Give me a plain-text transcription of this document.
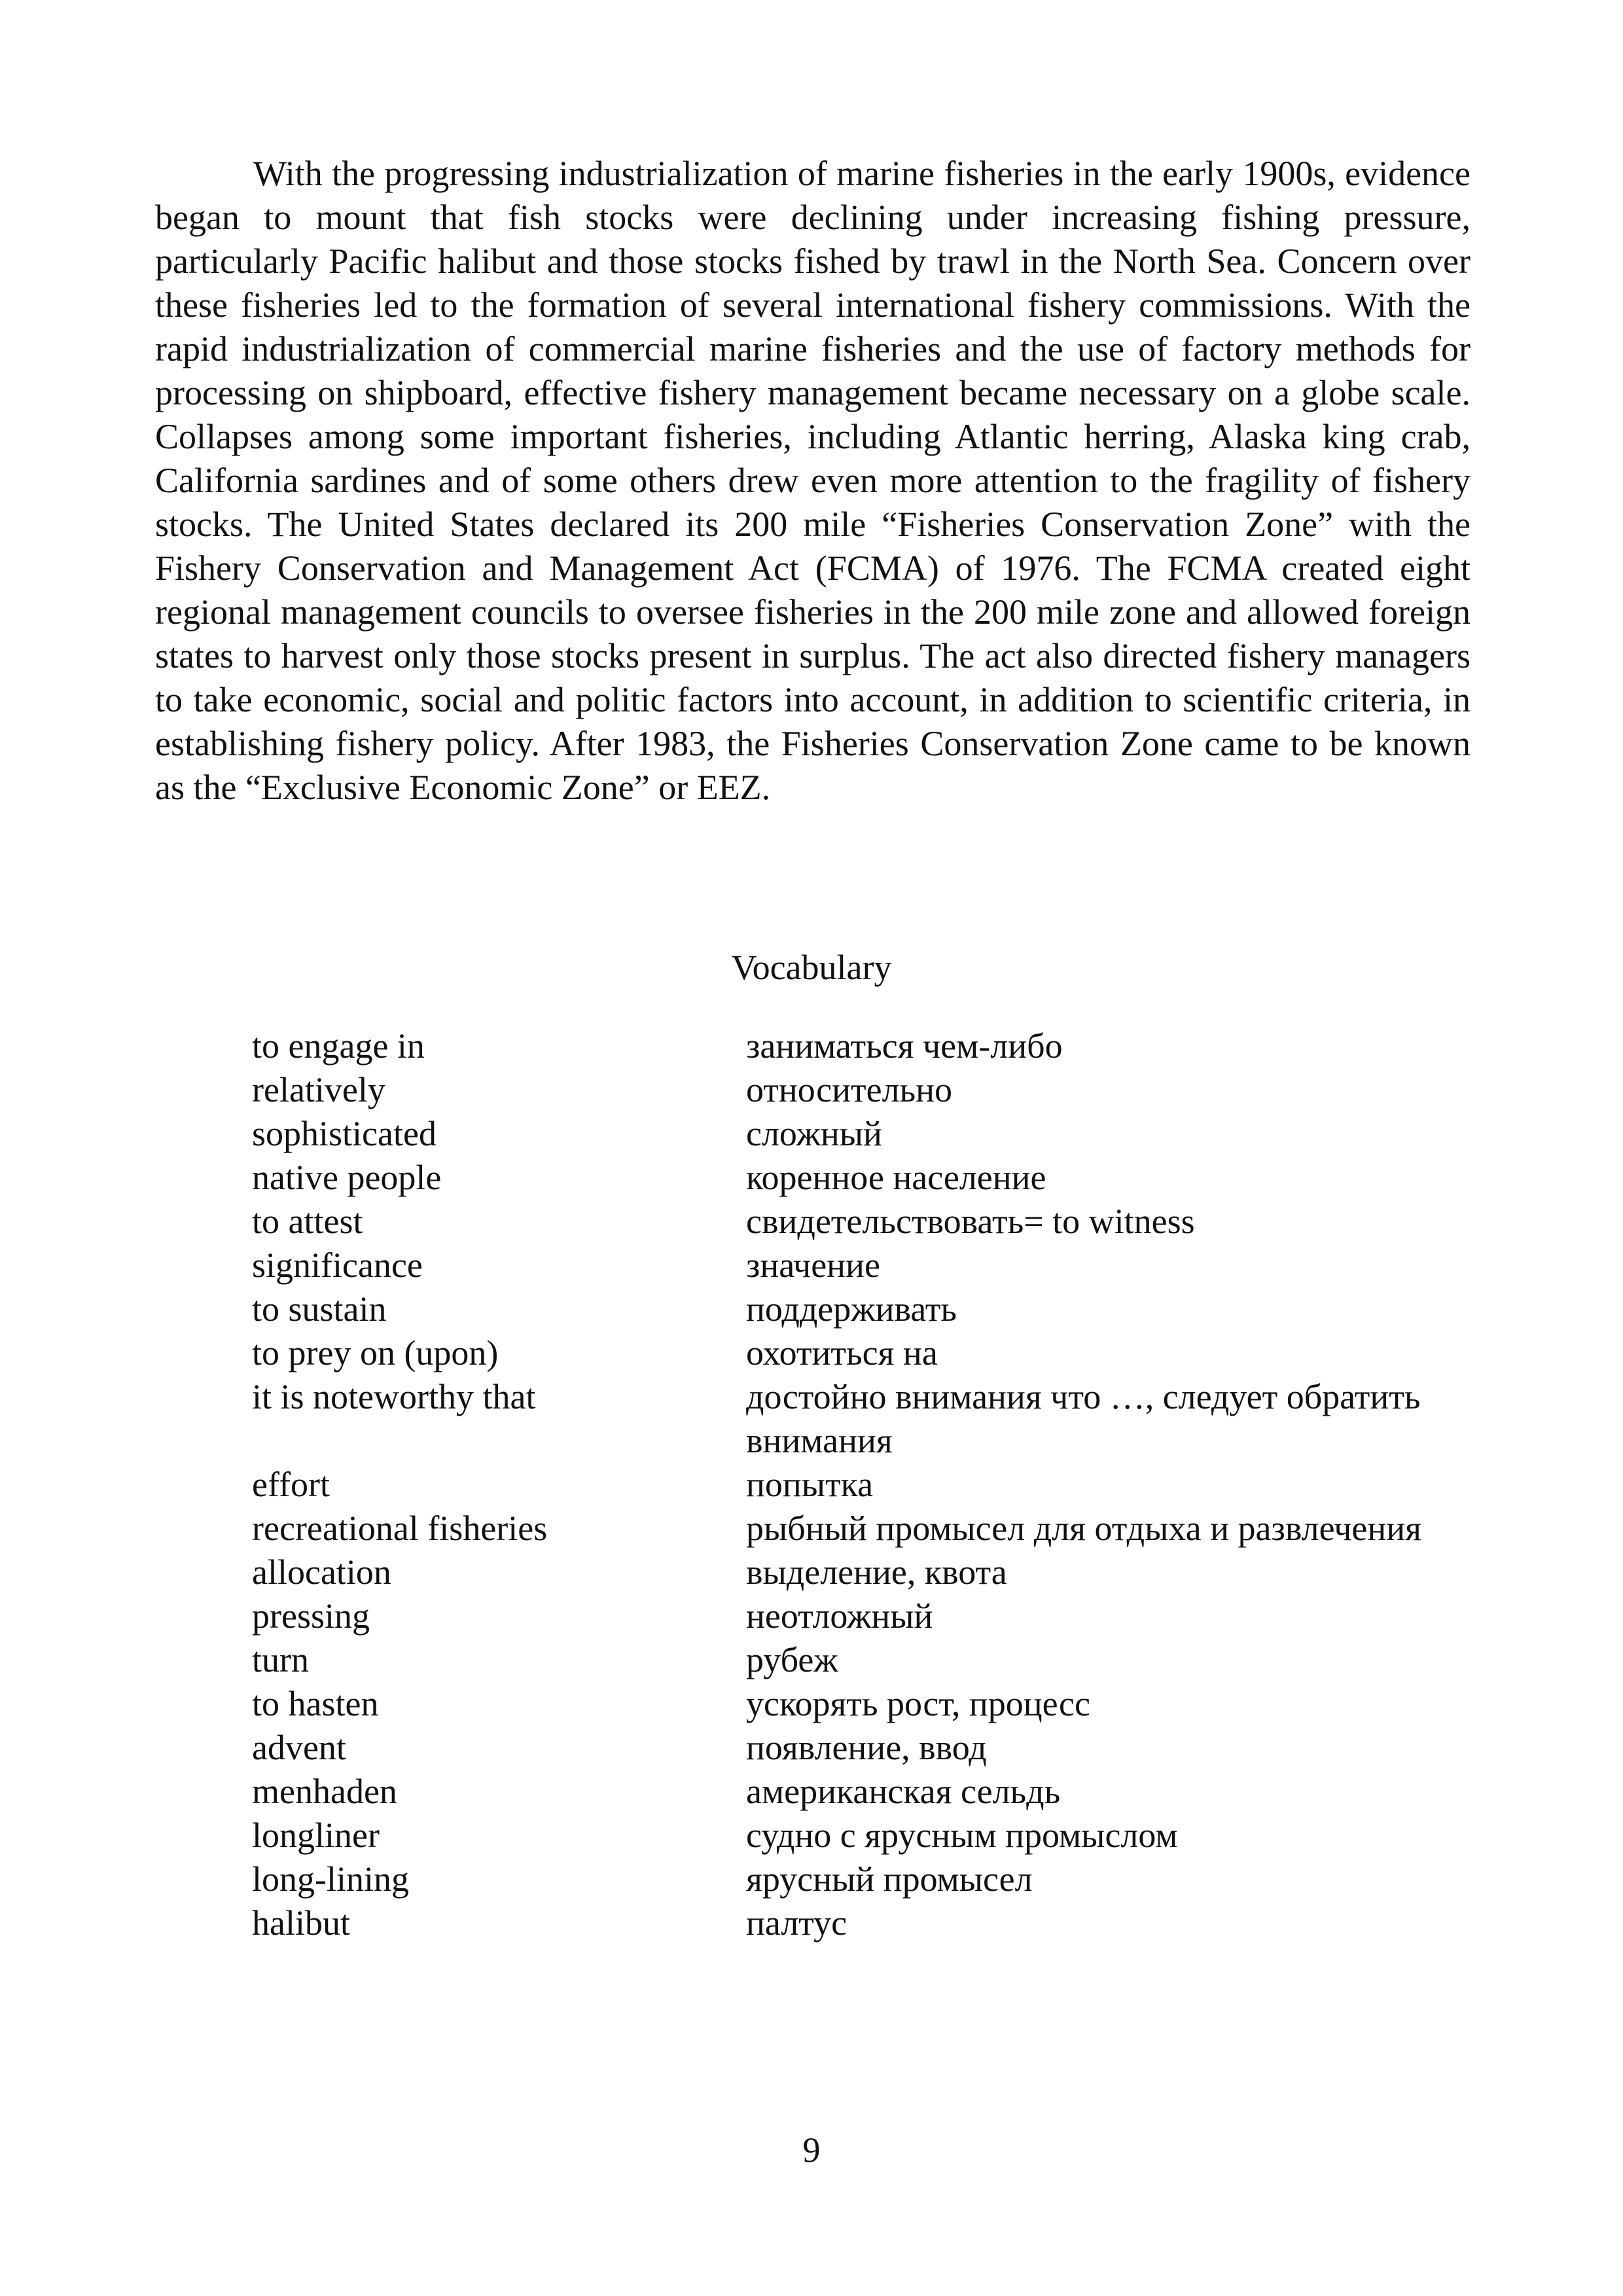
With the progressing industrialization of marine fisheries in the early 1900s, evidence began to mount that fish stocks were declining under increasing fishing pressure, particularly Pacific halibut and those stocks fished by trawl in the North Sea. Concern over these fisheries led to the formation of several international fishery commissions. With the rapid industrialization of commercial marine fisheries and the use of factory methods for processing on shipboard, effective fishery management became necessary on a globe scale. Collapses among some important fisheries, including Atlantic herring, Alaska king crab, California sardines and of some others drew even more attention to the fragility of fishery stocks. The United States declared its 200 mile “Fisheries Conservation Zone” with the Fishery Conservation and Management Act (FCMA) of 1976. The FCMA created eight regional management councils to oversee fisheries in the 200 mile zone and allowed foreign states to harvest only those stocks present in surplus. The act also directed fishery managers to take economic, social and politic factors into account, in addition to scientific criteria, in establishing fishery policy. After 1983, the Fisheries Conservation Zone came to be known as the “Exclusive Economic Zone” or EEZ.

Vocabulary

to engage in	заниматься чем-либо
relatively	относительно
sophisticated	сложный
native people	коренное население
to attest	свидетельствовать= to witness
significance	значение
to sustain	поддерживать
to prey on (upon)	охотиться на
it is noteworthy that	достойно внимания что …, следует обратить внимания
effort	попытка
recreational fisheries	рыбный промысел для отдыха и развлечения
allocation	выделение, квота
pressing	неотложный
turn	рубеж
to hasten	ускорять рост, процесс
advent	появление, ввод
menhaden	американская сельдь
longliner	судно с ярусным промыслом
long-lining	ярусный промысел
halibut	палтус

9
